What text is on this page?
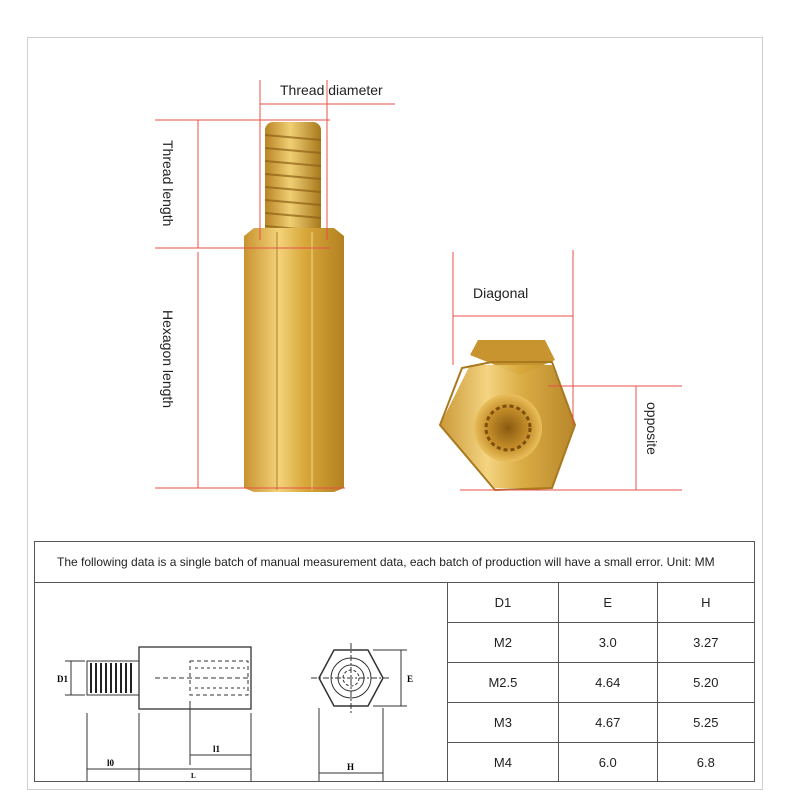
Thread diameter
Thread length
Hexagon length
Diagonal
opposite
The following data is a single batch of manual measurement data, each batch of production will have a small error. Unit: MM
D1
l0
l1
L
E
H
D1	E	H
M2	3.0	3.27
M2.5	4.64	5.20
M3	4.67	5.25
M4	6.0	6.8
